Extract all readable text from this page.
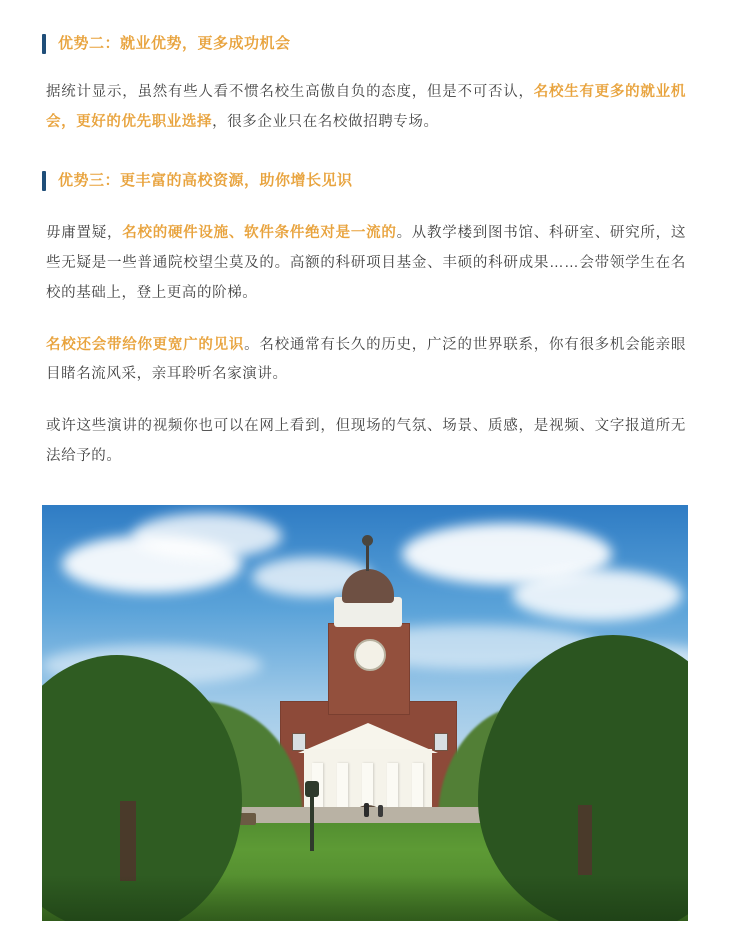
优势二：就业优势，更多成功机会

据统计显示，虽然有些人看不惯名校生高傲自负的态度，但是不可否认，名校生有更多的就业机会，更好的优先职业选择，很多企业只在名校做招聘专场。

优势三：更丰富的高校资源，助你增长见识

毋庸置疑，名校的硬件设施、软件条件绝对是一流的。从教学楼到图书馆、科研室、研究所，这些无疑是一些普通院校望尘莫及的。高额的科研项目基金、丰硕的科研成果……会带领学生在名校的基础上，登上更高的阶梯。

名校还会带给你更宽广的见识。名校通常有长久的历史，广泛的世界联系，你有很多机会能亲眼目睹名流风采，亲耳聆听名家演讲。

或许这些演讲的视频你也可以在网上看到，但现场的气氛、场景、质感，是视频、文字报道所无法给予的。
